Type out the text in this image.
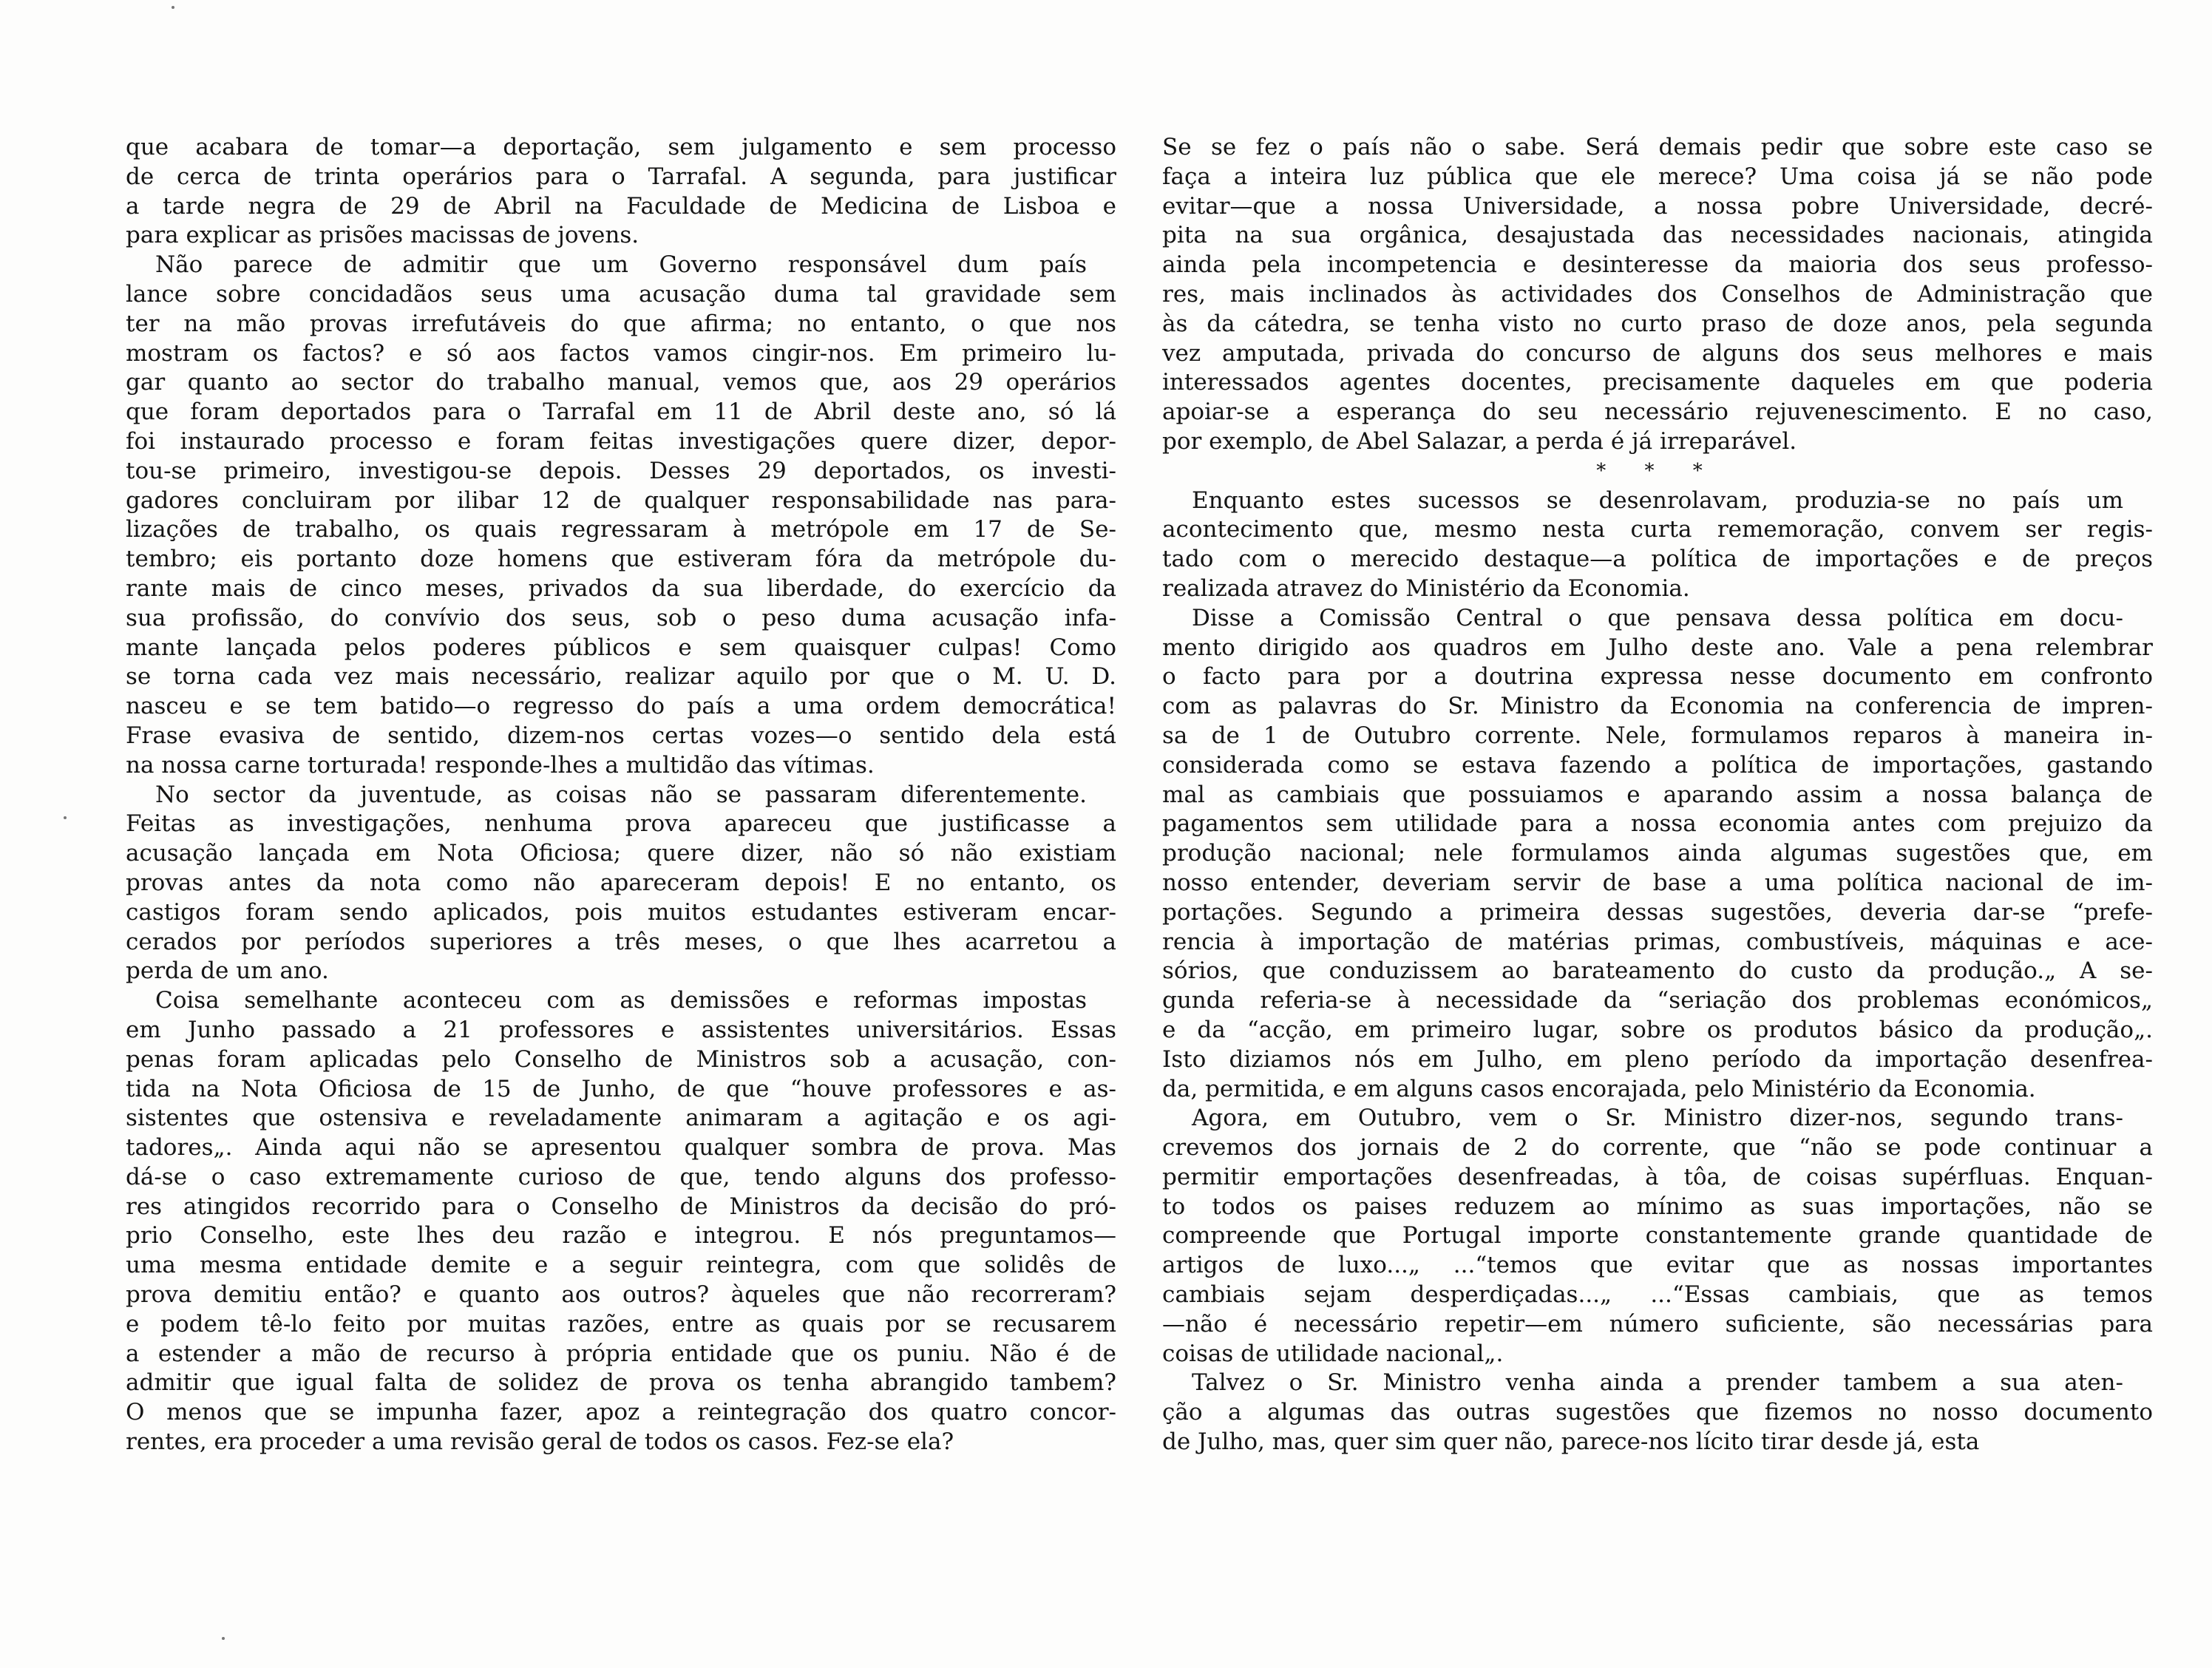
que acabara de tomar—a deportação, sem julgamento e sem processo
de cerca de trinta operários para o Tarrafal. A segunda, para justificar
a tarde negra de 29 de Abril na Faculdade de Medicina de Lisboa e
para explicar as prisões macissas de jovens.

Não parece de admitir que um Governo responsável dum país
lance sobre concidadãos seus uma acusação duma tal gravidade sem
ter na mão provas irrefutáveis do que afirma; no entanto, o que nos
mostram os factos? e só aos factos vamos cingir-nos. Em primeiro lu-
gar quanto ao sector do trabalho manual, vemos que, aos 29 operários
que foram deportados para o Tarrafal em 11 de Abril deste ano, só lá
foi instaurado processo e foram feitas investigações quere dizer, depor-
tou-se primeiro, investigou-se depois. Desses 29 deportados, os investi-
gadores concluiram por ilibar 12 de qualquer responsabilidade nas para-
lizações de trabalho, os quais regressaram à metrópole em 17 de Se-
tembro; eis portanto doze homens que estiveram fóra da metrópole du-
rante mais de cinco meses, privados da sua liberdade, do exercício da
sua profissão, do convívio dos seus, sob o peso duma acusação infa-
mante lançada pelos poderes públicos e sem quaisquer culpas! Como
se torna cada vez mais necessário, realizar aquilo por que o M. U. D.
nasceu e se tem batido—o regresso do país a uma ordem democrática!
Frase evasiva de sentido, dizem-nos certas vozes—o sentido dela está
na nossa carne torturada! responde-lhes a multidão das vítimas.

No sector da juventude, as coisas não se passaram diferentemente.
Feitas as investigações, nenhuma prova apareceu que justificasse a
acusação lançada em Nota Oficiosa; quere dizer, não só não existiam
provas antes da nota como não apareceram depois! E no entanto, os
castigos foram sendo aplicados, pois muitos estudantes estiveram encar-
cerados por períodos superiores a três meses, o que lhes acarretou a
perda de um ano.

Coisa semelhante aconteceu com as demissões e reformas impostas
em Junho passado a 21 professores e assistentes universitários. Essas
penas foram aplicadas pelo Conselho de Ministros sob a acusação, con-
tida na Nota Oficiosa de 15 de Junho, de que “houve professores e as-
sistentes que ostensiva e reveladamente animaram a agitação e os agi-
tadores„. Ainda aqui não se apresentou qualquer sombra de prova. Mas
dá-se o caso extremamente curioso de que, tendo alguns dos professo-
res atingidos recorrido para o Conselho de Ministros da decisão do pró-
prio Conselho, este lhes deu razão e integrou. E nós preguntamos—
uma mesma entidade demite e a seguir reintegra, com que solidês de
prova demitiu então? e quanto aos outros? àqueles que não recorreram?
e podem tê-lo feito por muitas razões, entre as quais por se recusarem
a estender a mão de recurso à própria entidade que os puniu. Não é de
admitir que igual falta de solidez de prova os tenha abrangido tambem?
O menos que se impunha fazer, apoz a reintegração dos quatro concor-
rentes, era proceder a uma revisão geral de todos os casos. Fez-se ela?

Se se fez o país não o sabe. Será demais pedir que sobre este caso se
faça a inteira luz pública que ele merece? Uma coisa já se não pode
evitar—que a nossa Universidade, a nossa pobre Universidade, decré-
pita na sua orgânica, desajustada das necessidades nacionais, atingida
ainda pela incompetencia e desinteresse da maioria dos seus professo-
res, mais inclinados às actividades dos Conselhos de Administração que
às da cátedra, se tenha visto no curto praso de doze anos, pela segunda
vez amputada, privada do concurso de alguns dos seus melhores e mais
interessados agentes docentes, precisamente daqueles em que poderia
apoiar-se a esperança do seu necessário rejuvenescimento. E no caso,
por exemplo, de Abel Salazar, a perda é já irreparável.

* * *

Enquanto estes sucessos se desenrolavam, produzia-se no país um
acontecimento que, mesmo nesta curta rememoração, convem ser regis-
tado com o merecido destaque—a política de importações e de preços
realizada atravez do Ministério da Economia.

Disse a Comissão Central o que pensava dessa política em docu-
mento dirigido aos quadros em Julho deste ano. Vale a pena relembrar
o facto para por a doutrina expressa nesse documento em confronto
com as palavras do Sr. Ministro da Economia na conferencia de impren-
sa de 1 de Outubro corrente. Nele, formulamos reparos à maneira in-
considerada como se estava fazendo a política de importações, gastando
mal as cambiais que possuiamos e aparando assim a nossa balança de
pagamentos sem utilidade para a nossa economia antes com prejuizo da
produção nacional; nele formulamos ainda algumas sugestões que, em
nosso entender, deveriam servir de base a uma política nacional de im-
portações. Segundo a primeira dessas sugestões, deveria dar-se “prefe-
rencia à importação de matérias primas, combustíveis, máquinas e ace-
sórios, que conduzissem ao barateamento do custo da produção.„ A se-
gunda referia-se à necessidade da “seriação dos problemas económicos„
e da “acção, em primeiro lugar, sobre os produtos básico da produção„.
Isto diziamos nós em Julho, em pleno período da importação desenfrea-
da, permitida, e em alguns casos encorajada, pelo Ministério da Economia.

Agora, em Outubro, vem o Sr. Ministro dizer-nos, segundo trans-
crevemos dos jornais de 2 do corrente, que “não se pode continuar a
permitir emportações desenfreadas, à tôa, de coisas supérfluas. Enquan-
to todos os paises reduzem ao mínimo as suas importações, não se
compreende que Portugal importe constantemente grande quantidade de
artigos de luxo...„ ...“temos que evitar que as nossas importantes
cambiais sejam desperdiçadas...„ ...“Essas cambiais, que as temos
—não é necessário repetir—em número suficiente, são necessárias para
coisas de utilidade nacional„.

Talvez o Sr. Ministro venha ainda a prender tambem a sua aten-
ção a algumas das outras sugestões que fizemos no nosso documento
de Julho, mas, quer sim quer não, parece-nos lícito tirar desde já, esta
